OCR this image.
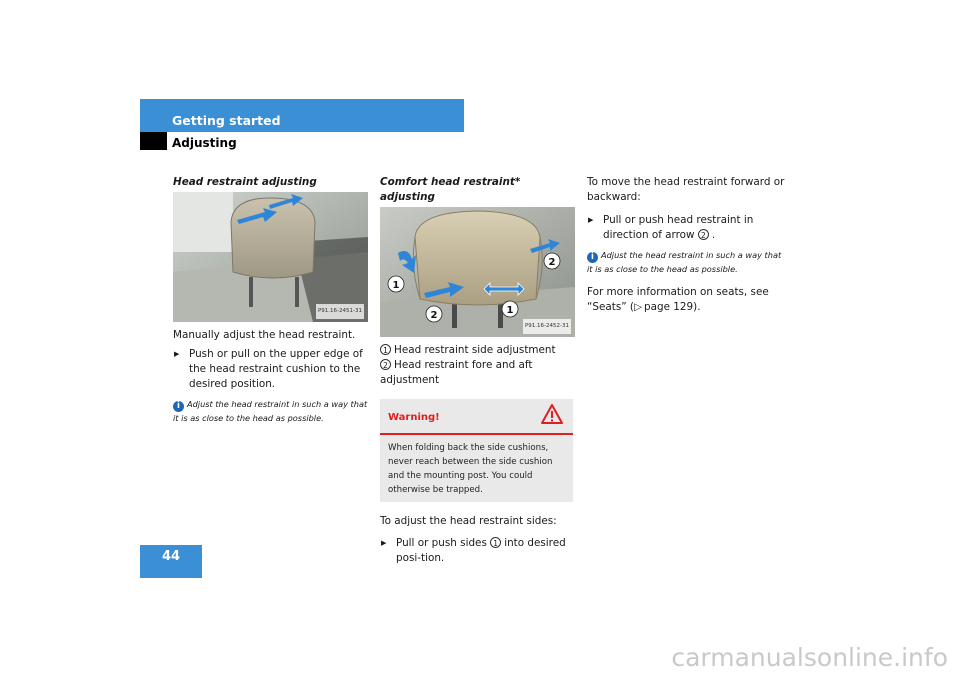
Getting started
Adjusting
Head restraint adjusting
P91.16-2451-31
Manually adjust the head restraint.
▶ Push or pull on the upper edge of the head restraint cushion to the desired position.
i Adjust the head restraint in such a way that it is as close to the head as possible.
Comfort head restraint* adjusting
1
2
2	1
P91.16-2452-31
1 Head restraint side adjustment
2 Head restraint fore and aft adjustment
Warning!
When folding back the side cushions, never reach between the side cushion and the mounting post. You could otherwise be trapped.
To adjust the head restraint sides:
▶ Pull or push sides 1 into desired posi-tion.
To move the head restraint forward or backward:
▶ Pull or push head restraint in direction of arrow 2 .
i Adjust the head restraint in such a way that it is as close to the head as possible.
For more information on seats, see “Seats” (▷ page 129).
44
carmanualsonline.info
